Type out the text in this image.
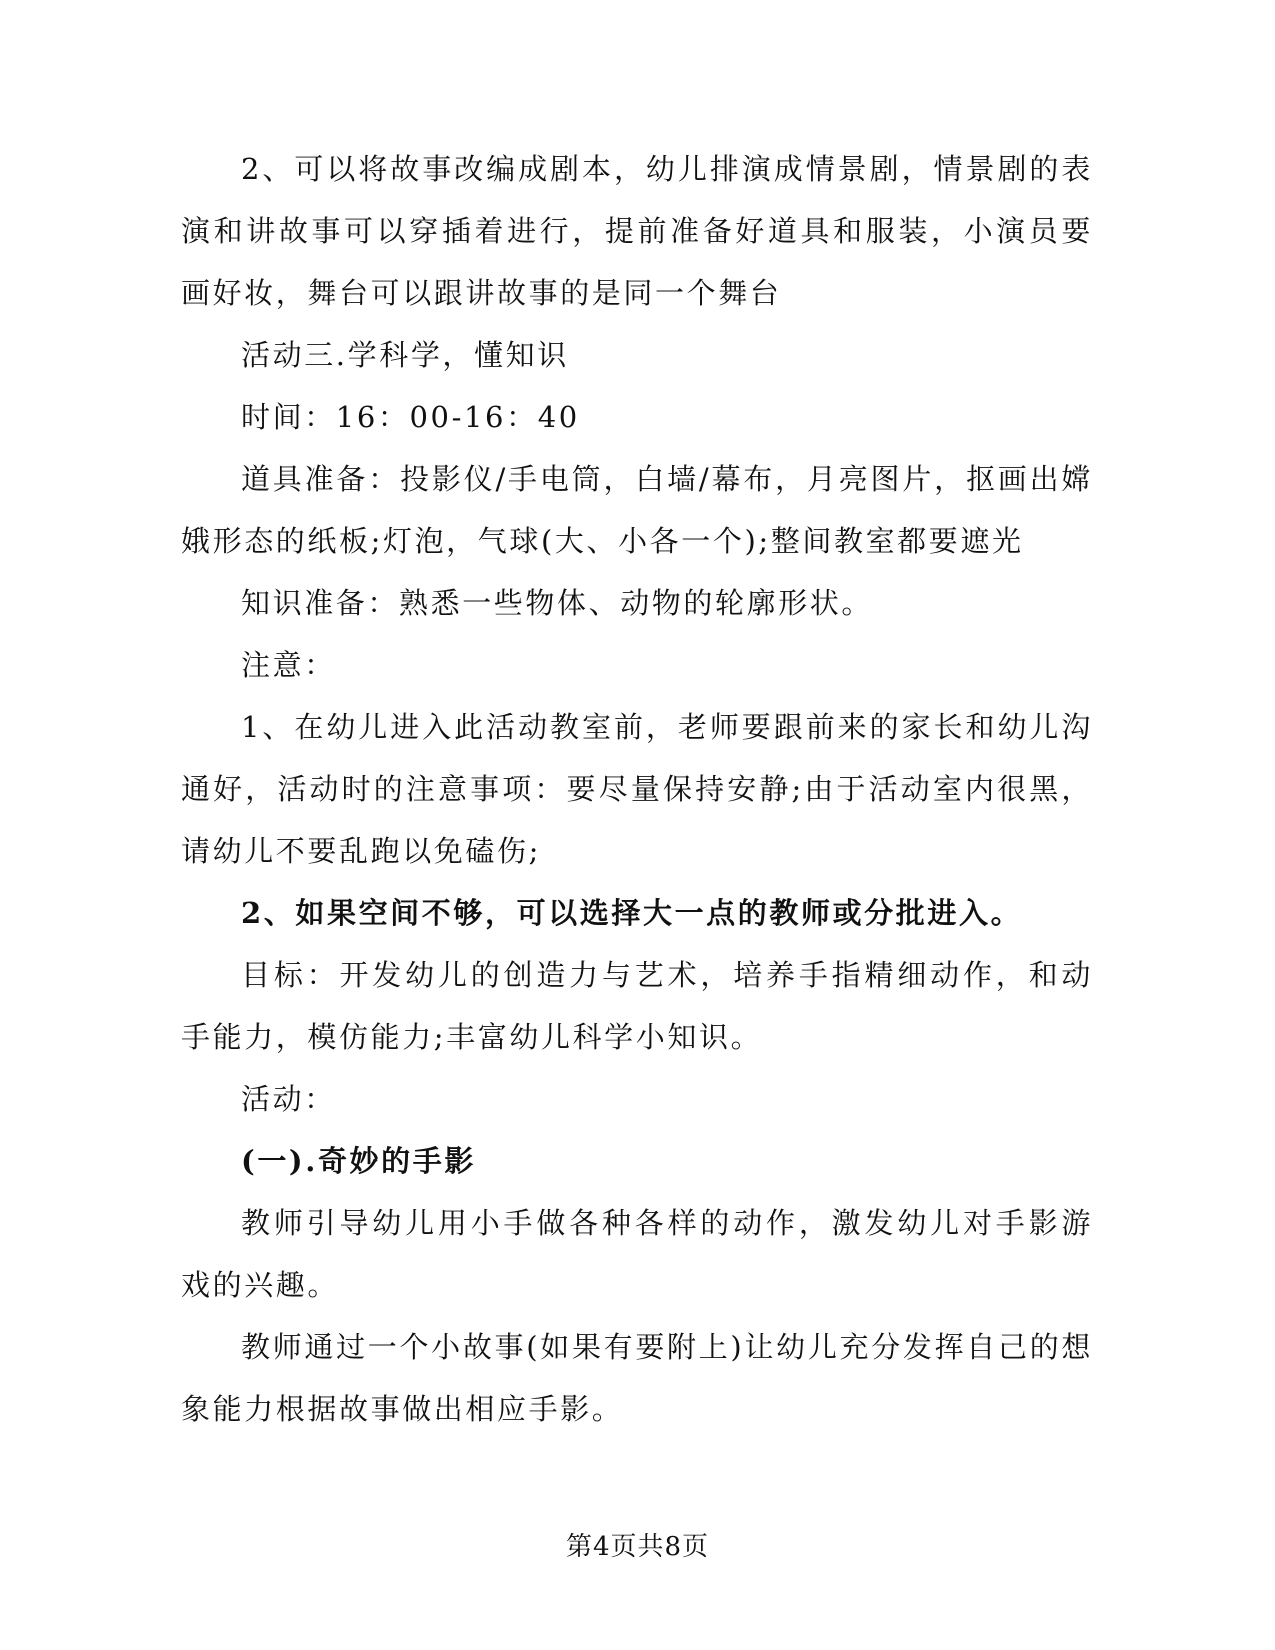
2、可以将故事改编成剧本，幼儿排演成情景剧，情景剧的表演和讲故事可以穿插着进行，提前准备好道具和服装，小演员要画好妆，舞台可以跟讲故事的是同一个舞台

活动三.学科学，懂知识

时间：16：00-16：40

道具准备：投影仪/手电筒，白墙/幕布，月亮图片，抠画出嫦娥形态的纸板;灯泡，气球(大、小各一个);整间教室都要遮光

知识准备：熟悉一些物体、动物的轮廓形状。

注意：

1、在幼儿进入此活动教室前，老师要跟前来的家长和幼儿沟通好，活动时的注意事项：要尽量保持安静;由于活动室内很黑，请幼儿不要乱跑以免磕伤;

2、如果空间不够，可以选择大一点的教师或分批进入。

目标：开发幼儿的创造力与艺术，培养手指精细动作，和动手能力，模仿能力;丰富幼儿科学小知识。

活动：

(一).奇妙的手影

教师引导幼儿用小手做各种各样的动作，激发幼儿对手影游戏的兴趣。

教师通过一个小故事(如果有要附上)让幼儿充分发挥自己的想象能力根据故事做出相应手影。

第4页共8页
